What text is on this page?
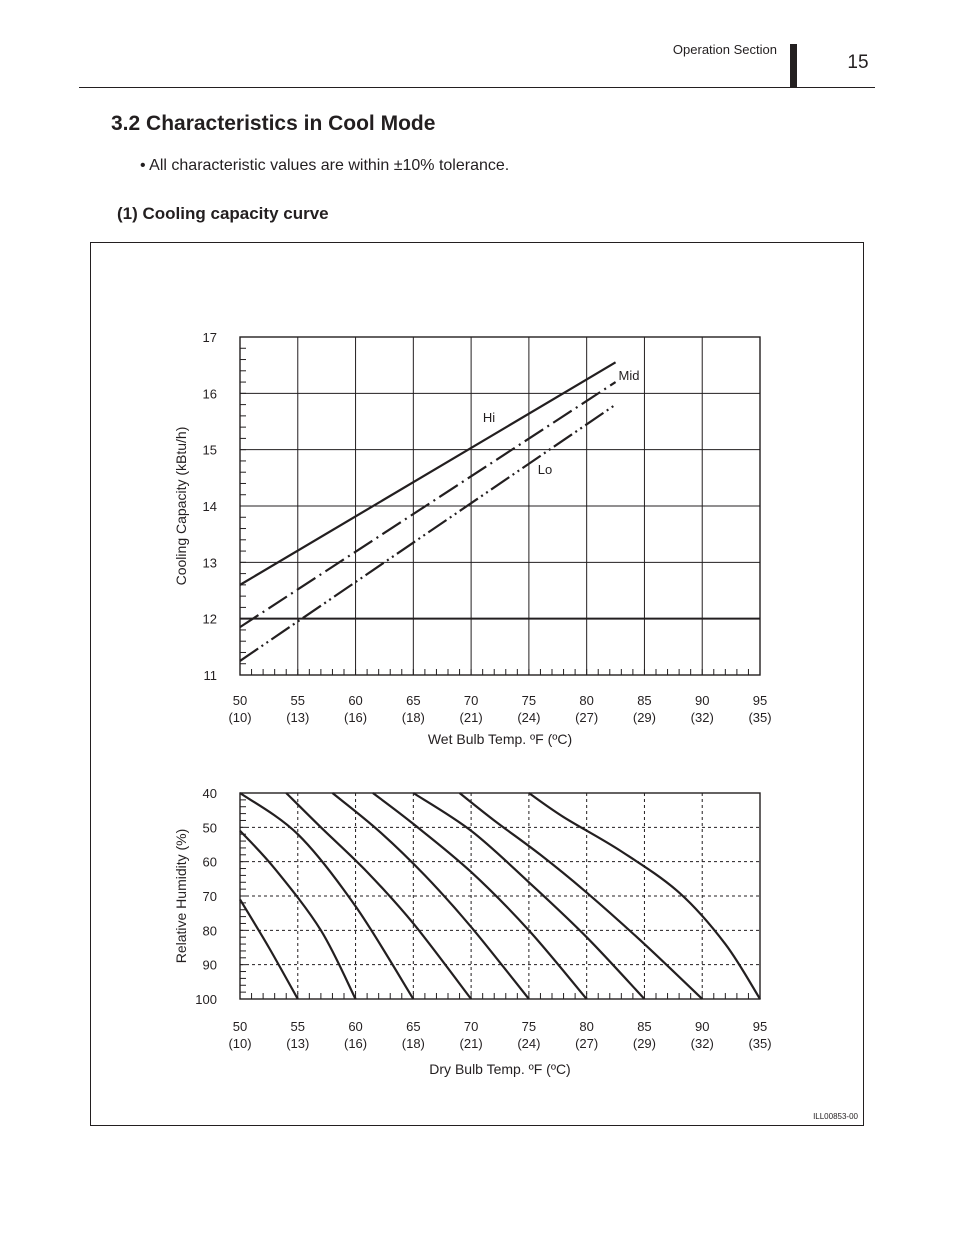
Operation Section
15
3.2 Characteristics in Cool Mode
• All characteristic values are within ±10% tolerance.
(1) Cooling capacity curve
Hi
Mid
Lo
50
(10)
55
(13)
60
(16)
65
(18)
70
(21)
75
(24)
80
(27)
85
(29)
90
(32)
95
(35)
11
12
13
14
15
16
17
Wet Bulb Temp. ºF (ºC)
Cooling Capacity (kBtu/h)
50
(10)
55
(13)
60
(16)
65
(18)
70
(21)
75
(24)
80
(27)
85
(29)
90
(32)
95
(35)
40
50
60
70
80
90
100
Dry Bulb Temp. ºF (ºC)
Relative Humidity (%)
ILL00853-00
